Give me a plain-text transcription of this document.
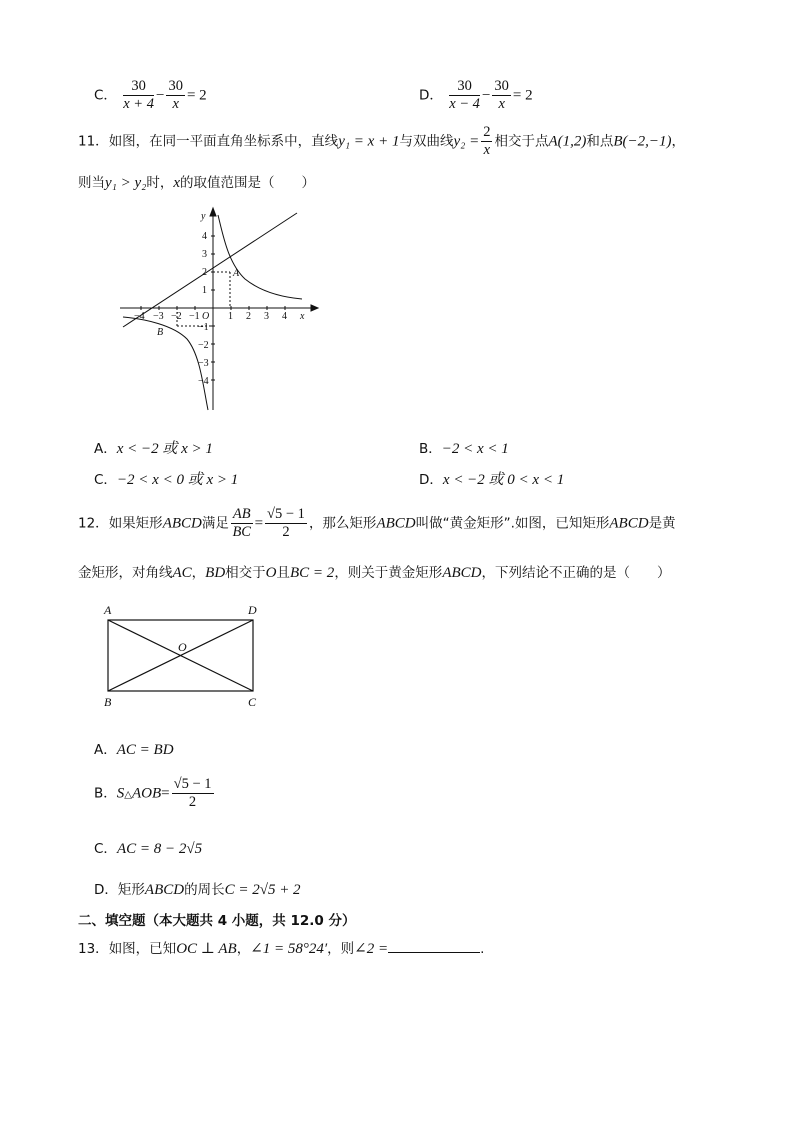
C． $\frac{30}{x + 4} - \frac{30}{x} = 2$	D． $\frac{30}{x - 4} - \frac{30}{x} = 2$
11．如图，在同一平面直角坐标系中，直线y₁ = x + 1与双曲线$y_2 = \frac{2}{x}$ 相交于点A(1,2)和点B(−2,−1)，
则当y₁ > y₂时，x的取值范围是（　　）
y
x
O
A
B
−4 −3 −2 −1	1 2 3 4
4
3
2
1
−1
−2
−3
−4
A．x < −2 或 x > 1	B．−2 < x < 1
C．−2 < x < 0 或 x > 1	D．x < −2 或 0 < x < 1
12．如果矩形ABCD满足 $\frac{AB}{BC} = \frac{√5 - 1}{2}$ ，那么矩形ABCD叫做“黄金矩形”.如图，已知矩形ABCD是黄
金矩形，对角线AC，BD相交于O且BC = 2，则关于黄金矩形ABCD，下列结论不正确的是（　　）
A	D
O
B	C
A．AC = BD
B．S△AOB= $\frac{√5 - 1}{2}$
C．AC = 8 − 2√5
D．矩形ABCD的周长C = 2√5 + 2
二、填空题（本大题共 4 小题，共 12.0 分）
13．如图，已知OC ⊥ AB，∠1 = 58°24′，则∠2 =	.
